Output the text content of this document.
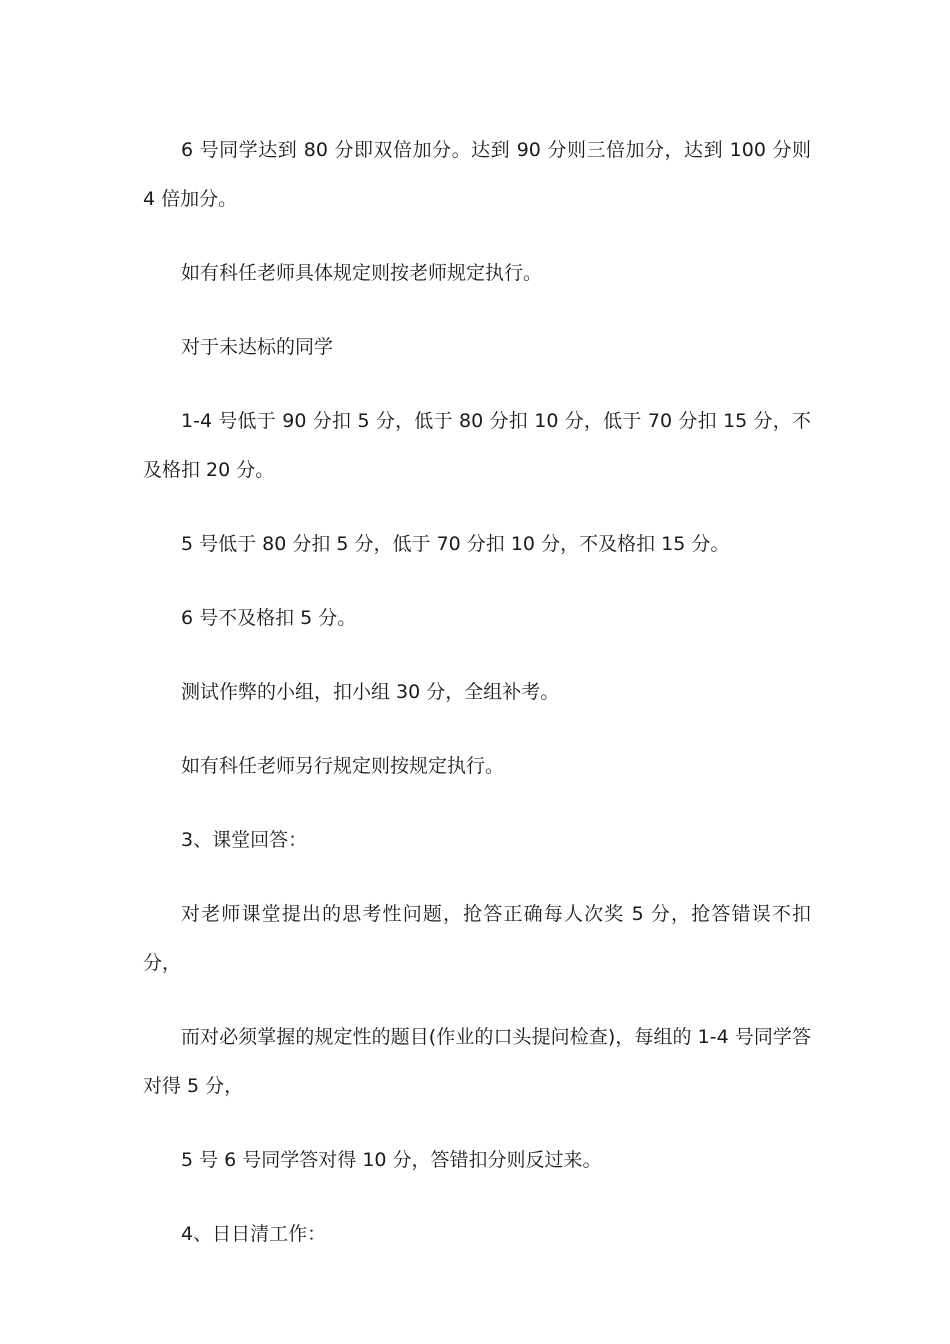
6 号同学达到 80 分即双倍加分。达到 90 分则三倍加分，达到 100 分则 4 倍加分。

如有科任老师具体规定则按老师规定执行。

对于未达标的同学

1-4 号低于 90 分扣 5 分，低于 80 分扣 10 分，低于 70 分扣 15 分，不及格扣 20 分。

5 号低于 80 分扣 5 分，低于 70 分扣 10 分，不及格扣 15 分。

6 号不及格扣 5 分。

测试作弊的小组，扣小组 30 分，全组补考。

如有科任老师另行规定则按规定执行。

3、课堂回答：

对老师课堂提出的思考性问题，抢答正确每人次奖 5 分，抢答错误不扣分，

而对必须掌握的规定性的题目(作业的口头提问检查)，每组的 1-4 号同学答对得 5 分，

5 号 6 号同学答对得 10 分，答错扣分则反过来。

4、日日清工作：
